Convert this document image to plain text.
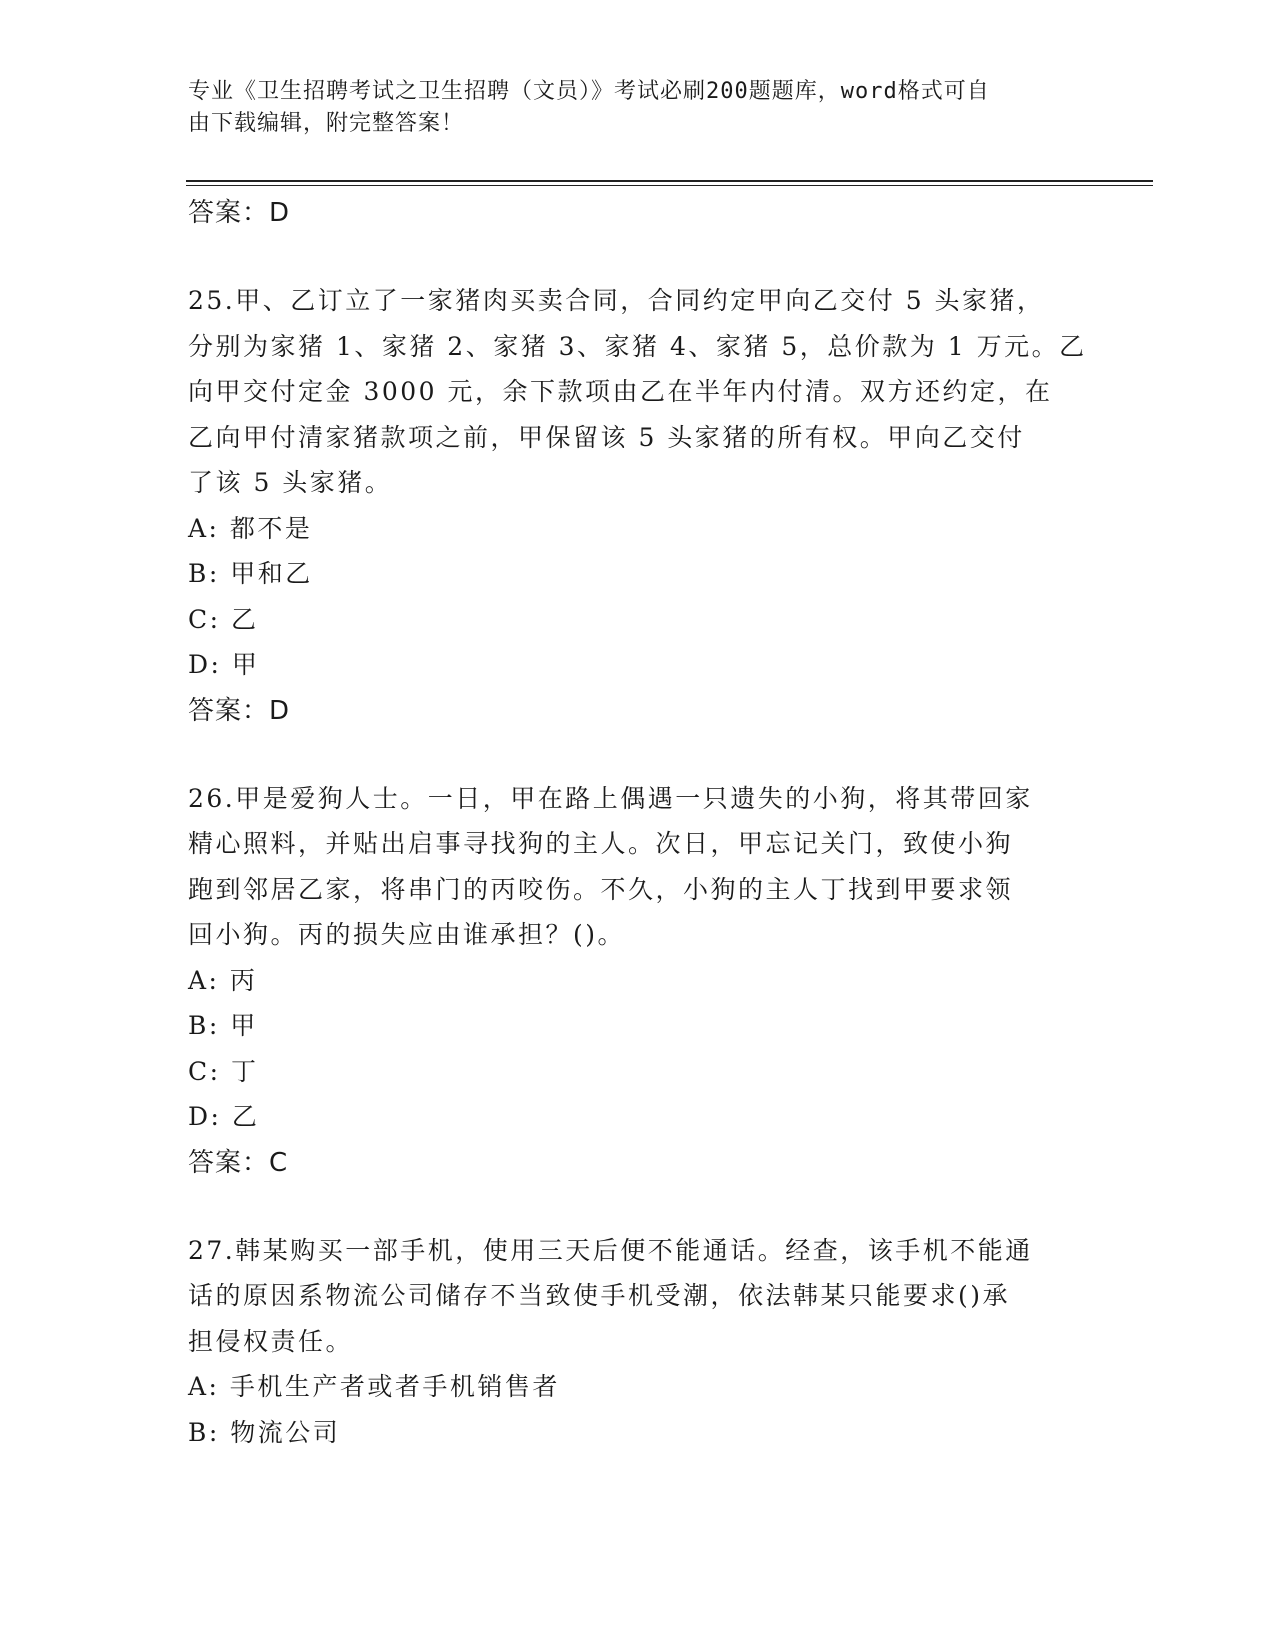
专业《卫生招聘考试之卫生招聘（文员）》考试必刷200题题库，word格式可自
由下载编辑，附完整答案！
答案：D
25.甲、乙订立了一家猪肉买卖合同，合同约定甲向乙交付 5 头家猪，
分别为家猪 1、家猪 2、家猪 3、家猪 4、家猪 5，总价款为 1 万元。乙
向甲交付定金 3000 元，余下款项由乙在半年内付清。双方还约定，在
乙向甲付清家猪款项之前，甲保留该 5 头家猪的所有权。甲向乙交付
了该 5 头家猪。
A: 都不是
B: 甲和乙
C: 乙
D: 甲
答案：D
26.甲是爱狗人士。一日，甲在路上偶遇一只遗失的小狗，将其带回家
精心照料，并贴出启事寻找狗的主人。次日，甲忘记关门，致使小狗
跑到邻居乙家，将串门的丙咬伤。不久，小狗的主人丁找到甲要求领
回小狗。丙的损失应由谁承担？()。
A: 丙
B: 甲
C: 丁
D: 乙
答案：C
27.韩某购买一部手机，使用三天后便不能通话。经查，该手机不能通
话的原因系物流公司储存不当致使手机受潮，依法韩某只能要求()承
担侵权责任。
A: 手机生产者或者手机销售者
B: 物流公司
